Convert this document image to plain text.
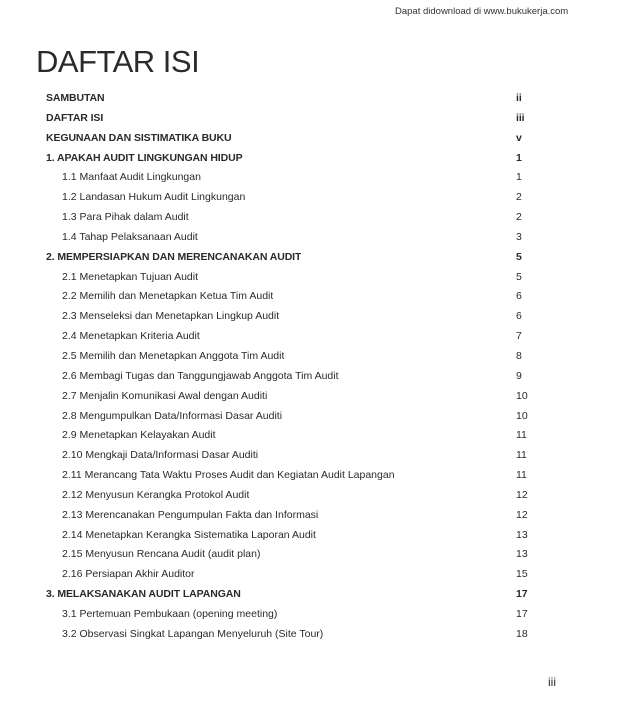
Dapat didownload di www.bukukerja.com
DAFTAR ISI
SAMBUTAN	ii
DAFTAR ISI	iii
KEGUNAAN DAN SISTIMATIKA BUKU	v
1. APAKAH AUDIT LINGKUNGAN HIDUP	1
1.1 Manfaat Audit Lingkungan	1
1.2 Landasan Hukum Audit Lingkungan	2
1.3 Para Pihak dalam Audit	2
1.4 Tahap Pelaksanaan Audit	3
2. MEMPERSIAPKAN DAN MERENCANAKAN AUDIT	5
2.1 Menetapkan Tujuan Audit	5
2.2 Memilih dan Menetapkan Ketua Tim Audit	6
2.3 Menseleksi dan Menetapkan Lingkup Audit	6
2.4 Menetapkan Kriteria Audit	7
2.5 Memilih dan Menetapkan Anggota Tim Audit	8
2.6 Membagi Tugas dan Tanggungjawab Anggota Tim Audit	9
2.7 Menjalin Komunikasi Awal dengan Auditi	10
2.8 Mengumpulkan Data/Informasi Dasar Auditi	10
2.9 Menetapkan Kelayakan Audit	11
2.10 Mengkaji Data/Informasi Dasar Auditi	11
2.11 Merancang Tata Waktu Proses Audit dan Kegiatan Audit Lapangan	11
2.12 Menyusun Kerangka Protokol Audit	12
2.13 Merencanakan Pengumpulan Fakta dan Informasi	12
2.14 Menetapkan Kerangka Sistematika Laporan Audit	13
2.15 Menyusun Rencana Audit (audit plan)	13
2.16 Persiapan Akhir Auditor	15
3. MELAKSANAKAN AUDIT LAPANGAN	17
3.1 Pertemuan Pembukaan (opening meeting)	17
3.2 Observasi Singkat Lapangan Menyeluruh (Site Tour)	18
iii
